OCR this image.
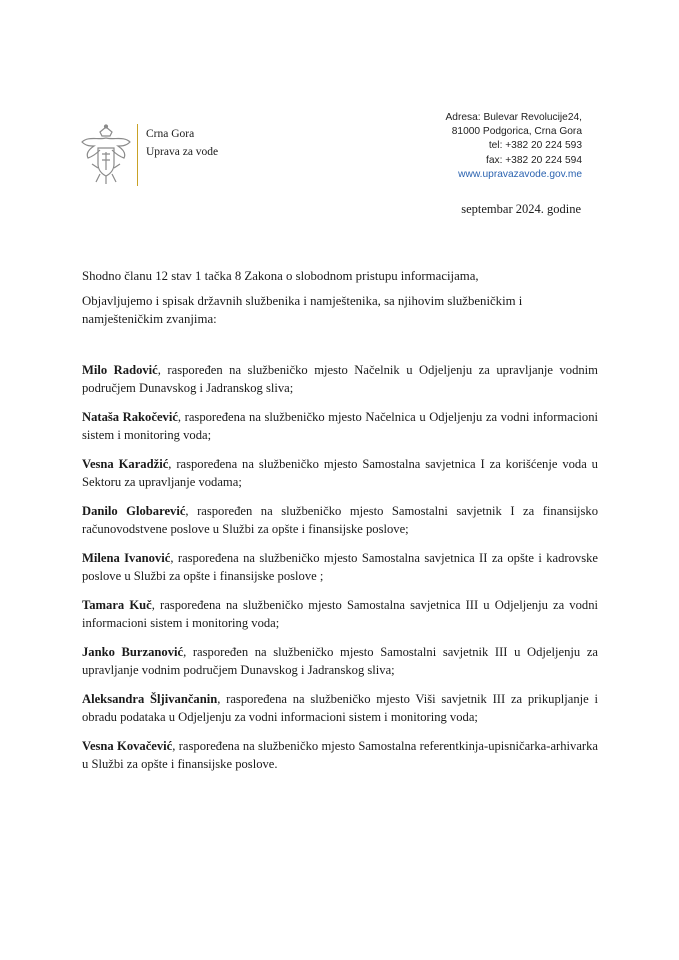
Crna Gora
Uprava za vode
Adresa: Bulevar Revolucije24,
81000 Podgorica, Crna Gora
tel: +382 20 224 593
fax: +382 20 224 594
www.upravazavode.gov.me
septembar 2024. godine
Shodno članu 12 stav 1 tačka 8 Zakona o slobodnom pristupu informacijama,
Objavljujemo i spisak državnih službenika i namještenika, sa njihovim službeničkim i namješteničkim zvanjima:

Milo Radović, raspoređen na službeničko mjesto Načelnik u Odjeljenju za upravljanje vodnim područjem Dunavskog i Jadranskog sliva;

Nataša Rakočević, raspoređena na službeničko mjesto Načelnica u Odjeljenju za vodni informacioni sistem i monitoring voda;

Vesna Karadžić, raspoređena na službeničko mjesto Samostalna savjetnica I za korišćenje voda u Sektoru za upravljanje vodama;

Danilo Globarević, raspoređen na službeničko mjesto Samostalni savjetnik I za finansijsko računovodstvene poslove u Službi za opšte i finansijske poslove;

Milena Ivanović, raspoređena na službeničko mjesto Samostalna savjetnica II za opšte i kadrovske poslove u Službi za opšte i finansijske poslove ;

Tamara Kuč, raspoređena na službeničko mjesto Samostalna savjetnica III u Odjeljenju za vodni informacioni sistem i monitoring voda;

Janko Burzanović, raspoređen na službeničko mjesto Samostalni savjetnik III u Odjeljenju za upravljanje vodnim područjem Dunavskog i Jadranskog sliva;

Aleksandra Šljivančanin, raspoređena na službeničko mjesto Viši savjetnik III za prikupljanje i obradu podataka u Odjeljenju za vodni informacioni sistem i monitoring voda;

Vesna Kovačević, raspoređena na službeničko mjesto Samostalna referentkinja-upisničarka-arhivarka u Službi za opšte i finansijske poslove.
